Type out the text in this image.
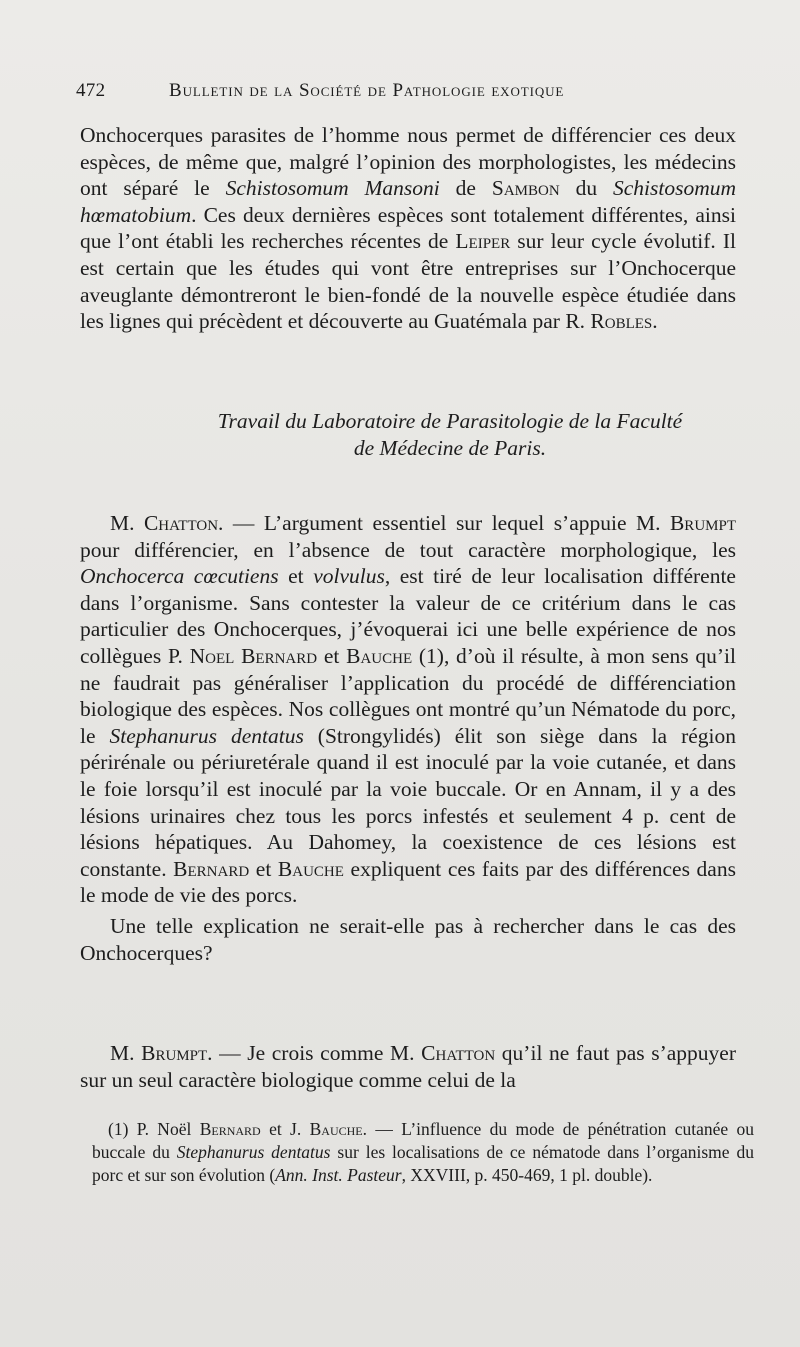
472	Bulletin de la Société de Pathologie exotique

Onchocerques parasites de l’homme nous permet de différencier ces deux espèces, de même que, malgré l’opinion des morphologistes, les médecins ont séparé le Schistosomum Mansoni de Sambon du Schistosomum hœmatobium. Ces deux dernières espèces sont totalement différentes, ainsi que l’ont établi les recherches récentes de Leiper sur leur cycle évolutif. Il est certain que les études qui vont être entreprises sur l’Onchocerque aveuglante démontreront le bien-fondé de la nouvelle espèce étudiée dans les lignes qui précèdent et découverte au Guatémala par R. Robles.

Travail du Laboratoire de Parasitologie de la Faculté
de Médecine de Paris.

M. Chatton. — L’argument essentiel sur lequel s’appuie M. Brumpt pour différencier, en l’absence de tout caractère morphologique, les Onchocerca cœcutiens et volvulus, est tiré de leur localisation différente dans l’organisme. Sans contester la valeur de ce critérium dans le cas particulier des Onchocerques, j’évoquerai ici une belle expérience de nos collègues P. Noel Bernard et Bauche (1), d’où il résulte, à mon sens qu’il ne faudrait pas généraliser l’application du procédé de différenciation biologique des espèces. Nos collègues ont montré qu’un Nématode du porc, le Stephanurus dentatus (Strongylidés) élit son siège dans la région périrénale ou périuretérale quand il est inoculé par la voie cutanée, et dans le foie lorsqu’il est inoculé par la voie buccale. Or en Annam, il y a des lésions urinaires chez tous les porcs infestés et seulement 4 p. cent de lésions hépatiques. Au Dahomey, la coexistence de ces lésions est constante. Bernard et Bauche expliquent ces faits par des différences dans le mode de vie des porcs.

Une telle explication ne serait-elle pas à rechercher dans le cas des Onchocerques?

M. Brumpt. — Je crois comme M. Chatton qu’il ne faut pas s’appuyer sur un seul caractère biologique comme celui de la

(1) P. Noël Bernard et J. Bauche. — L’influence du mode de pénétration cutanée ou buccale du Stephanurus dentatus sur les localisations de ce nématode dans l’organisme du porc et sur son évolution (Ann. Inst. Pasteur, XXVIII, p. 450-469, 1 pl. double).
